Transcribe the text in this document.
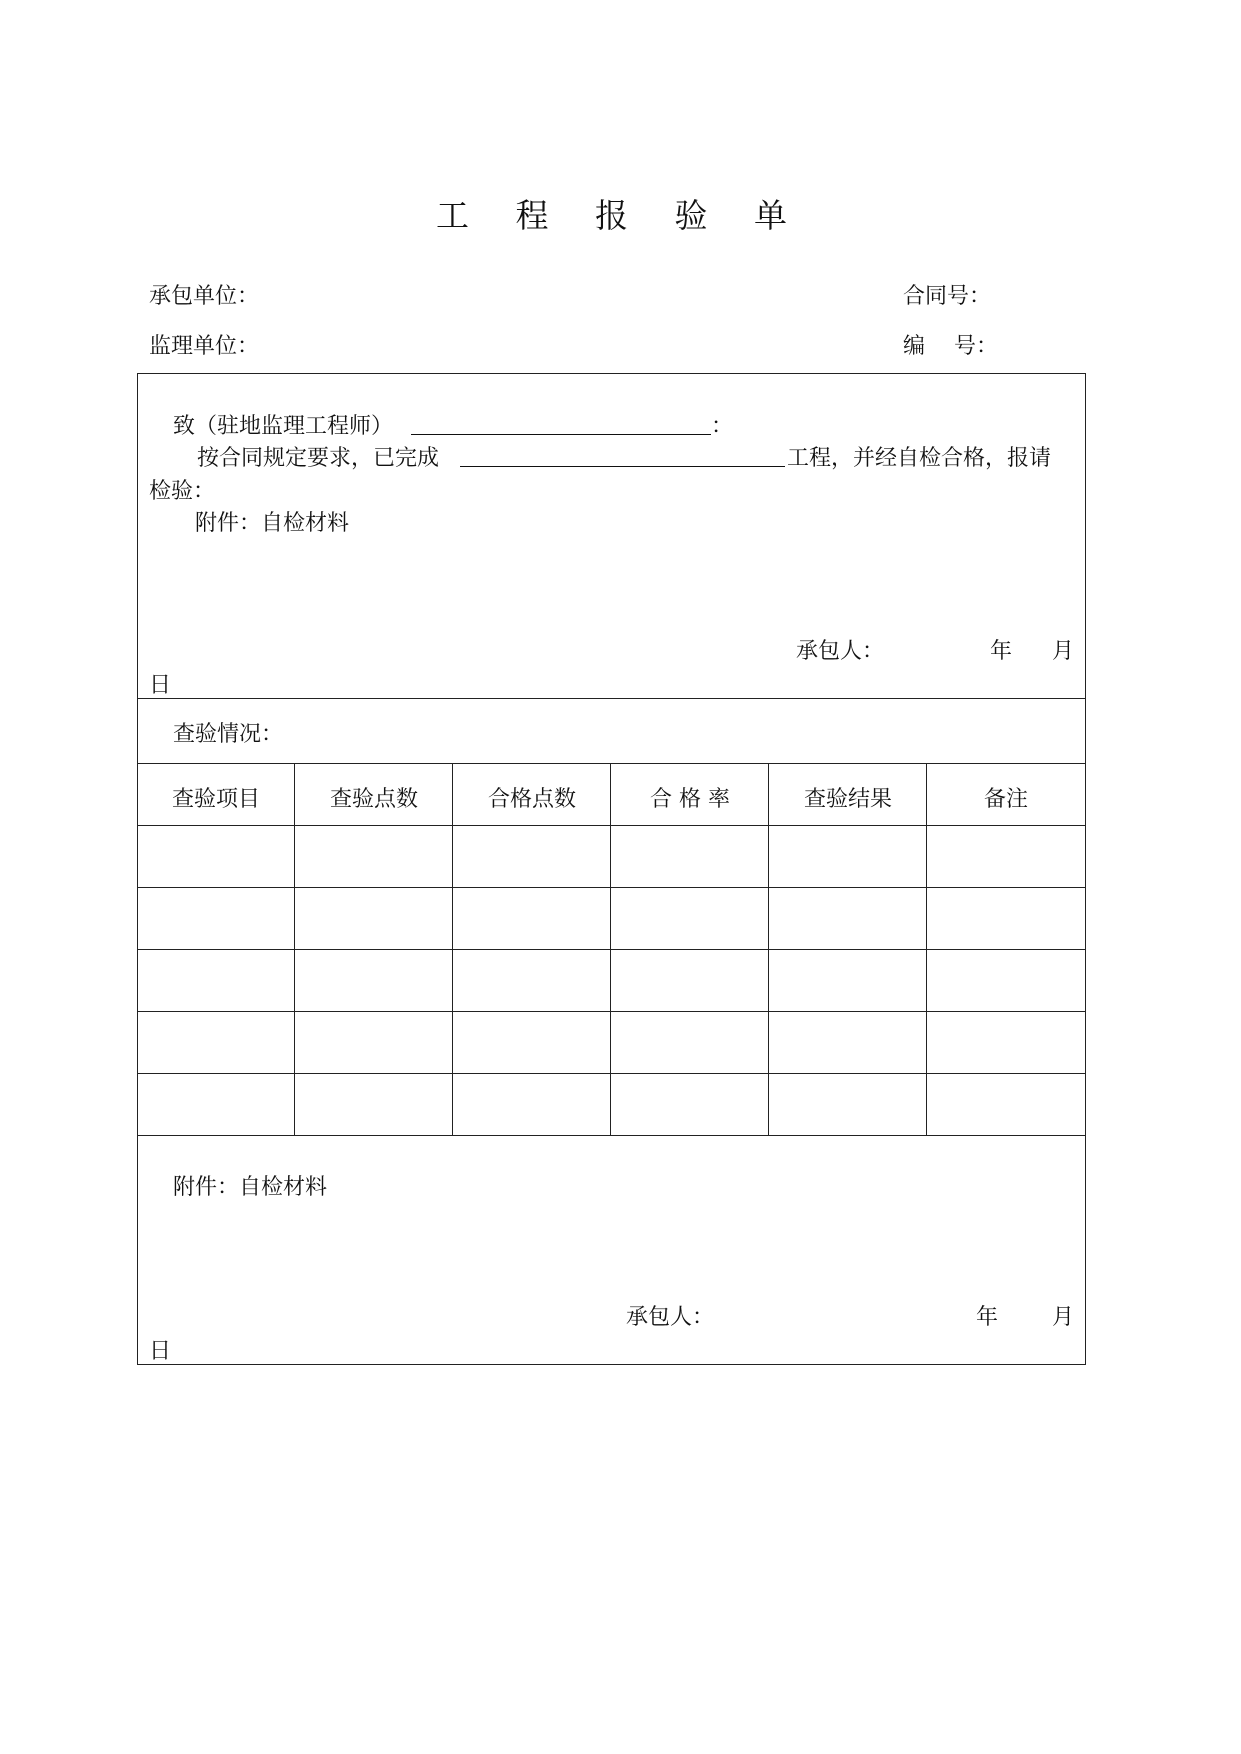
工 程 报 验 单
承包单位：	合同号：
监理单位：	编　 号：
致（驻地监理工程师）	：
按合同规定要求，已完成	工程，并经自检合格，报请
检验：
附件：自检材料
承包人：	年 月
日
查验情况：
查验项目	查验点数	合格点数	合 格 率	查验结果	备注
附件：自检材料
承包人：	年 月
日
